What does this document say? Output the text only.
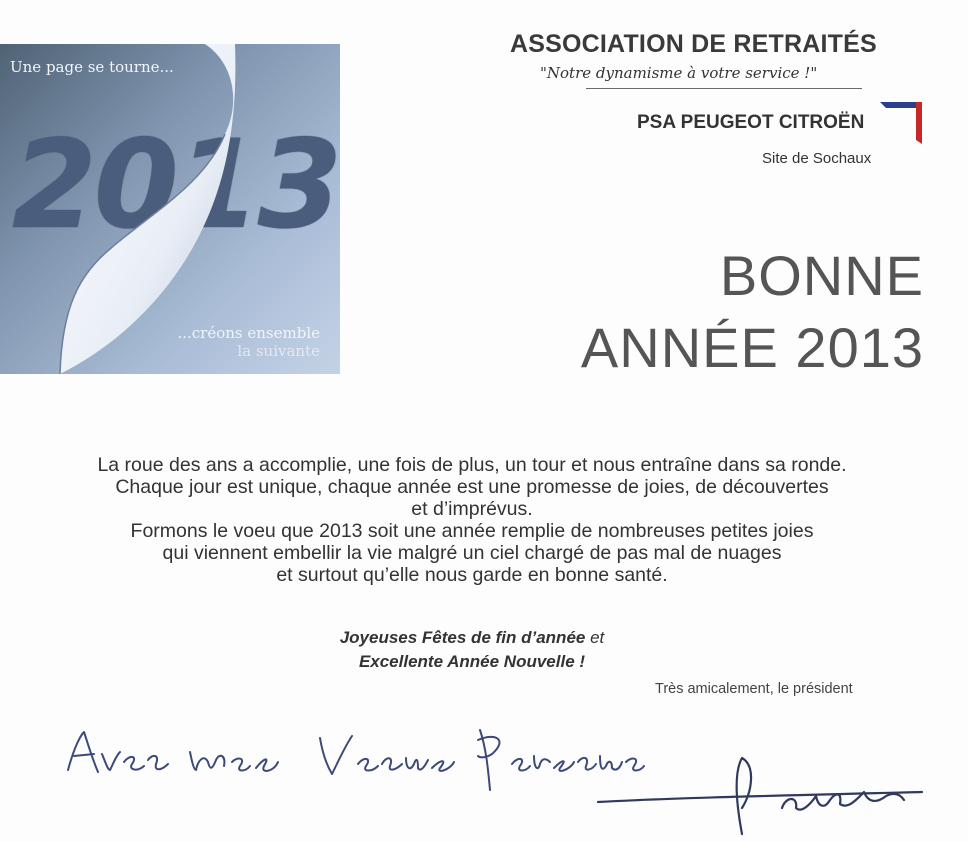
Une page se tourne...
2013
...créons ensemble
la suivante
ASSOCIATION DE RETRAITÉS
"Notre dynamisme à votre service !"
PSA PEUGEOT CITROËN
Site de Sochaux
BONNE
ANNÉE 2013
La roue des ans a accomplie, une fois de plus, un tour et nous entraîne dans sa ronde.
Chaque jour est unique, chaque année est une promesse de joies, de découvertes
et d’imprévus.
Formons le voeu que 2013 soit une année remplie de nombreuses petites joies
qui viennent embellir la vie malgré un ciel chargé de pas mal de nuages
et surtout qu’elle nous garde en bonne santé.
Joyeuses Fêtes de fin d’année et
Excellente Année Nouvelle !
Très amicalement, le président
